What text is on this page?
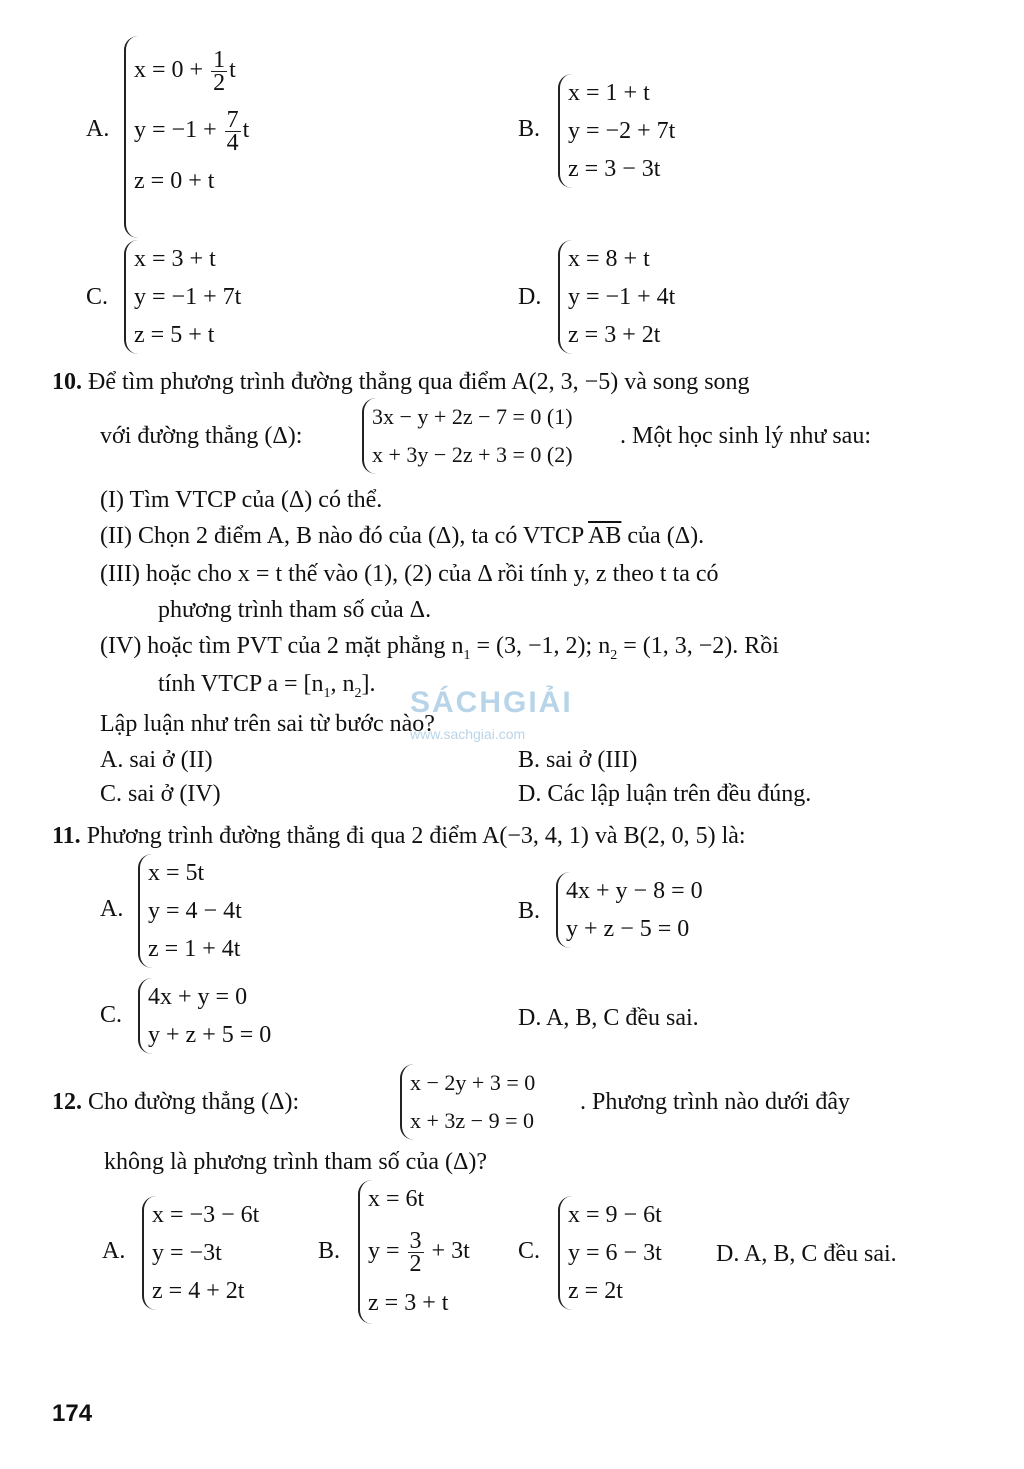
A.
$x = 0 + \frac{1}{2}$ t
$y = -1 + \frac{7}{4}$ t
z = 0 + t
B.
x = 1 + t
y = −2 + 7t
z = 3 − 3t
C.
x = 3 + t
y = −1 + 7t
z = 5 + t
D.
x = 8 + t
y = −1 + 4t
z = 3 + 2t
10. Để tìm phương trình đường thẳng qua điểm A(2, 3, −5) và song song
với đường thẳng (Δ):
3x − y + 2z − 7 = 0 (1)
x + 3y − 2z + 3 = 0 (2)
. Một học sinh lý như sau:
(I) Tìm VTCP của (Δ) có thể.
(II) Chọn 2 điểm A, B nào đó của (Δ), ta có VTCP $\overline{AB}$ của (Δ).
(III) hoặc cho x = t thế vào (1), (2) của Δ rồi tính y, z theo t ta có
phương trình tham số của Δ.
(IV) hoặc tìm PVT của 2 mặt phẳng $n_1 = (3$, −1, 2); $n_2 = (1$, 3, −2). Rồi
tính VTCP $a = [n_1$, $n_2$].
Lập luận như trên sai từ bước nào?
A. sai ở (II)	B. sai ở (III)
C. sai ở (IV)	D. Các lập luận trên đều đúng.
SÁCHGIẢI
www.sachgiai.com
11. Phương trình đường thẳng đi qua 2 điểm A(−3, 4, 1) và B(2, 0, 5) là:
A.
x = 5t
y = 4 − 4t
z = 1 + 4t
B.
4x + y − 8 = 0
y + z − 5 = 0
C.
4x + y = 0
y + z + 5 = 0
D. A, B, C đều sai.
12. Cho đường thẳng (Δ):
x − 2y + 3 = 0
x + 3z − 9 = 0
. Phương trình nào dưới đây
không là phương trình tham số của (Δ)?
A.
x = −3 − 6t
y = −3t
z = 4 + 2t
B.
x = 6t
$y = \frac{3}{2} + 3t$
z = 3 + t
C.
x = 9 − 6t
y = 6 − 3t
z = 2t
D. A, B, C đều sai.
174
